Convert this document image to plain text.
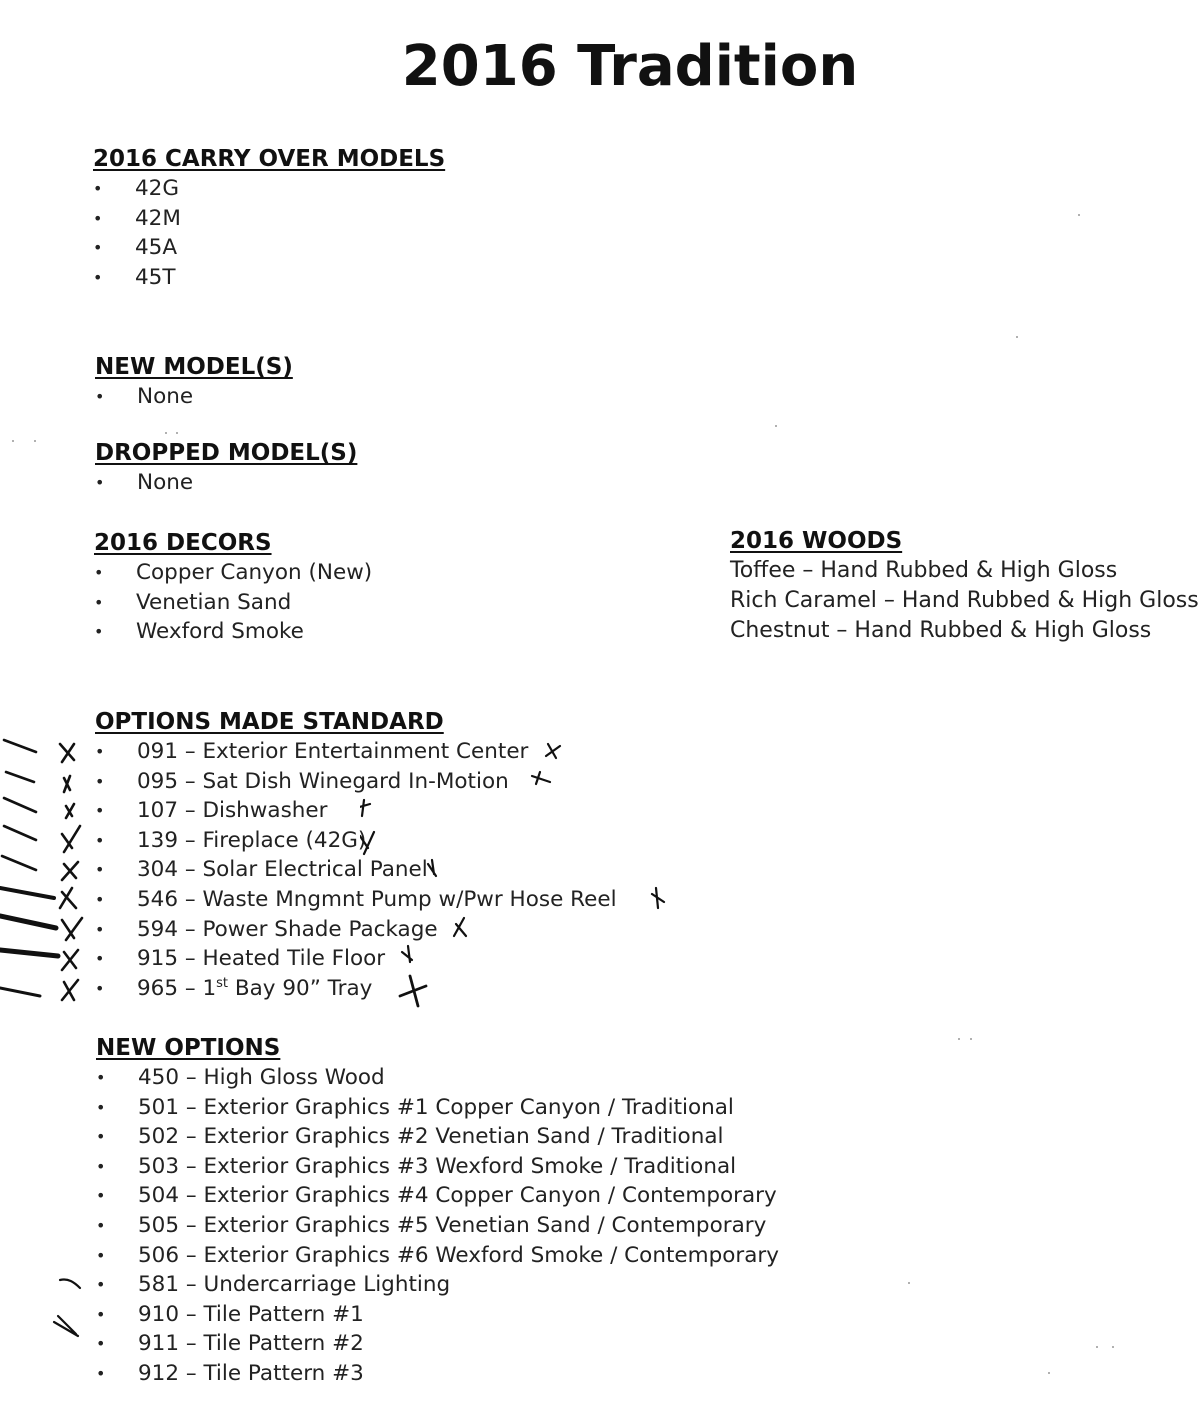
2016 Tradition
2016 CARRY OVER MODELS
• 42G
• 42M
• 45A
• 45T
NEW MODEL(S)
• None
DROPPED MODEL(S)
• None
2016 DECORS
• Copper Canyon (New)
• Venetian Sand
• Wexford Smoke
2016 WOODS
Toffee – Hand Rubbed & High Gloss
Rich Caramel – Hand Rubbed & High Gloss
Chestnut – Hand Rubbed & High Gloss
OPTIONS MADE STANDARD
• 091 – Exterior Entertainment Center
• 095 – Sat Dish Winegard In-Motion
• 107 – Dishwasher
• 139 – Fireplace (42G)
• 304 – Solar Electrical Panel
• 546 – Waste Mngmnt Pump w/Pwr Hose Reel
• 594 – Power Shade Package
• 915 – Heated Tile Floor
• 965 – 1st Bay 90” Tray
NEW OPTIONS
• 450 – High Gloss Wood
• 501 – Exterior Graphics #1 Copper Canyon / Traditional
• 502 – Exterior Graphics #2 Venetian Sand / Traditional
• 503 – Exterior Graphics #3 Wexford Smoke / Traditional
• 504 – Exterior Graphics #4 Copper Canyon / Contemporary
• 505 – Exterior Graphics #5 Venetian Sand / Contemporary
• 506 – Exterior Graphics #6 Wexford Smoke / Contemporary
• 581 – Undercarriage Lighting
• 910 – Tile Pattern #1
• 911 – Tile Pattern #2
• 912 – Tile Pattern #3
